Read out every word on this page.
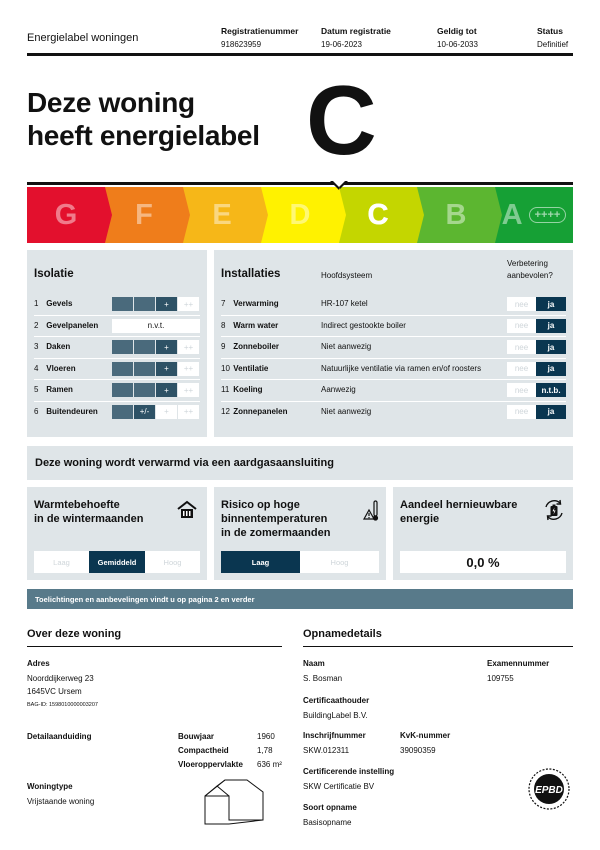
Energielabel woningen
Registratienummer
918623959
Datum registratie
19-06-2023
Geldig tot
10-06-2033
Status
Definitief
Deze woning
heeft energielabel C
G F E D C B A	++++
Isolatie
1 Gevels	+	++
2 Gevelpanelen	n.v.t.
3 Daken	+	++
4 Vloeren	+	++
5 Ramen	+	++
6 Buitendeuren	+/-	+	++
Installaties	Hoofdsysteem
Verbetering
aanbevolen?
7 Verwarming	HR-107 ketel	nee	ja
8 Warm water	Indirect gestookte boiler	nee	ja
9 Zonneboiler	Niet aanwezig	nee	ja
10 Ventilatie	Natuurlijke ventilatie via ramen en/of roosters	nee	ja
11 Koeling	Aanwezig	nee	n.t.b.
12 Zonnepanelen	Niet aanwezig	nee	ja
Deze woning wordt verwarmd via een aardgasaansluiting
Warmtebehoefte
in de wintermaanden
Laag	Gemiddeld	Hoog
Risico op hoge
binnentemperaturen
in de zomermaanden
Laag	Hoog
Aandeel hernieuwbare
energie
0,0 %
Toelichtingen en aanbevelingen vindt u op pagina 2 en verder
Over deze woning
Adres
Noorddijkerweg 23
1645VC Ursem
BAG-ID: 1598010000003207
Detailaanduiding	Bouwjaar	1960
Compactheid	1,78
Vloeroppervlakte 636 m²
Woningtype
Vrijstaande woning
Opnamedetails
Naam
S. Bosman
Examennummer
109755
Certificaathouder
BuildingLabel B.V.
Inschrijfnummer
SKW.012311
KvK-nummer
39090359
Certificerende instelling
SKW Certificatie BV
Soort opname
Basisopname
EPBD
